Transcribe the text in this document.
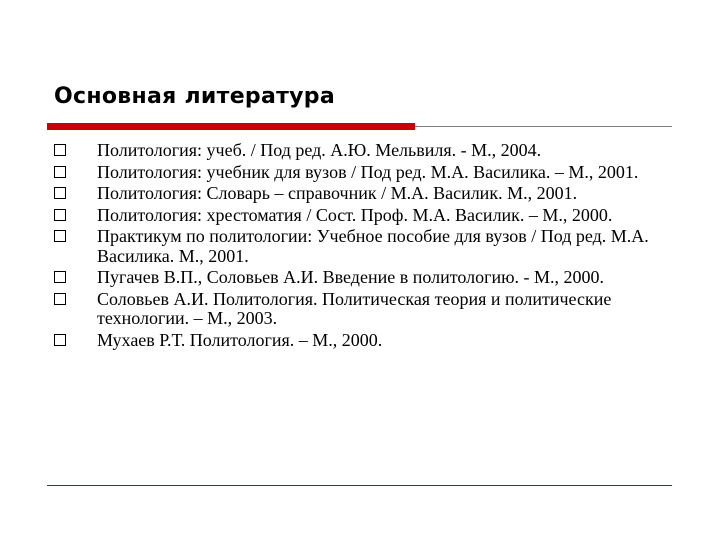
Основная литература
Политология: учеб. / Под ред. А.Ю. Мельвиля. - М., 2004.
Политология: учебник для вузов / Под ред. М.А. Василика. – М., 2001.
Политология: Словарь – справочник / М.А. Василик. М., 2001.
Политология: хрестоматия / Сост. Проф. М.А. Василик. – М., 2000.
Практикум по политологии: Учебное пособие для вузов / Под ред. М.А. Василика. М., 2001.
Пугачев В.П., Соловьев А.И. Введение в политологию. - М., 2000.
Соловьев А.И. Политология. Политическая теория и политические технологии. – М., 2003.
Мухаев Р.Т. Политология. – М., 2000.
